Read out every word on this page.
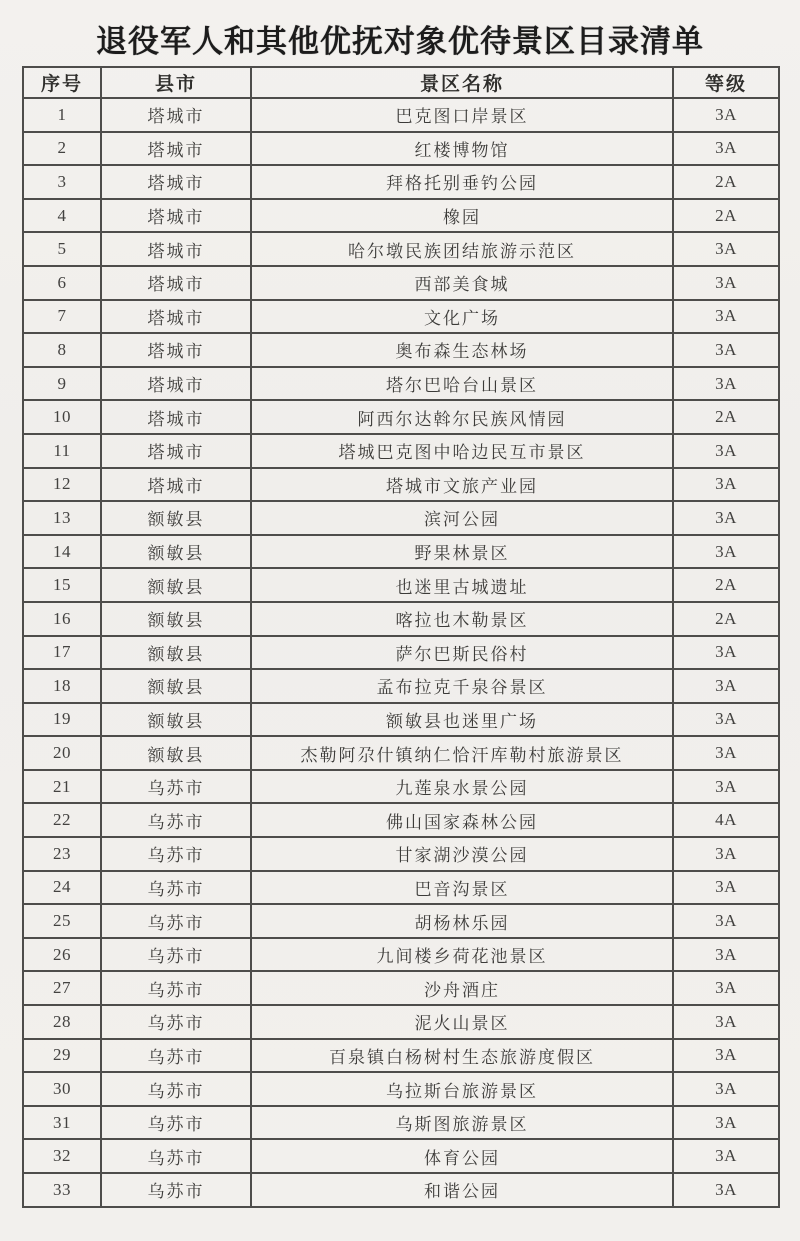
退役军人和其他优抚对象优待景区目录清单
序号	县市	景区名称	等级
1	塔城市	巴克图口岸景区	3A
2	塔城市	红楼博物馆	3A
3	塔城市	拜格托别垂钓公园	2A
4	塔城市	橡园	2A
5	塔城市	哈尔墩民族团结旅游示范区	3A
6	塔城市	西部美食城	3A
7	塔城市	文化广场	3A
8	塔城市	奥布森生态林场	3A
9	塔城市	塔尔巴哈台山景区	3A
10	塔城市	阿西尔达斡尔民族风情园	2A
11	塔城市	塔城巴克图中哈边民互市景区	3A
12	塔城市	塔城市文旅产业园	3A
13	额敏县	滨河公园	3A
14	额敏县	野果林景区	3A
15	额敏县	也迷里古城遗址	2A
16	额敏县	喀拉也木勒景区	2A
17	额敏县	萨尔巴斯民俗村	3A
18	额敏县	孟布拉克千泉谷景区	3A
19	额敏县	额敏县也迷里广场	3A
20	额敏县	杰勒阿尕什镇纳仁恰汗库勒村旅游景区	3A
21	乌苏市	九莲泉水景公园	3A
22	乌苏市	佛山国家森林公园	4A
23	乌苏市	甘家湖沙漠公园	3A
24	乌苏市	巴音沟景区	3A
25	乌苏市	胡杨林乐园	3A
26	乌苏市	九间楼乡荷花池景区	3A
27	乌苏市	沙舟酒庄	3A
28	乌苏市	泥火山景区	3A
29	乌苏市	百泉镇白杨树村生态旅游度假区	3A
30	乌苏市	乌拉斯台旅游景区	3A
31	乌苏市	乌斯图旅游景区	3A
32	乌苏市	体育公园	3A
33	乌苏市	和谐公园	3A
